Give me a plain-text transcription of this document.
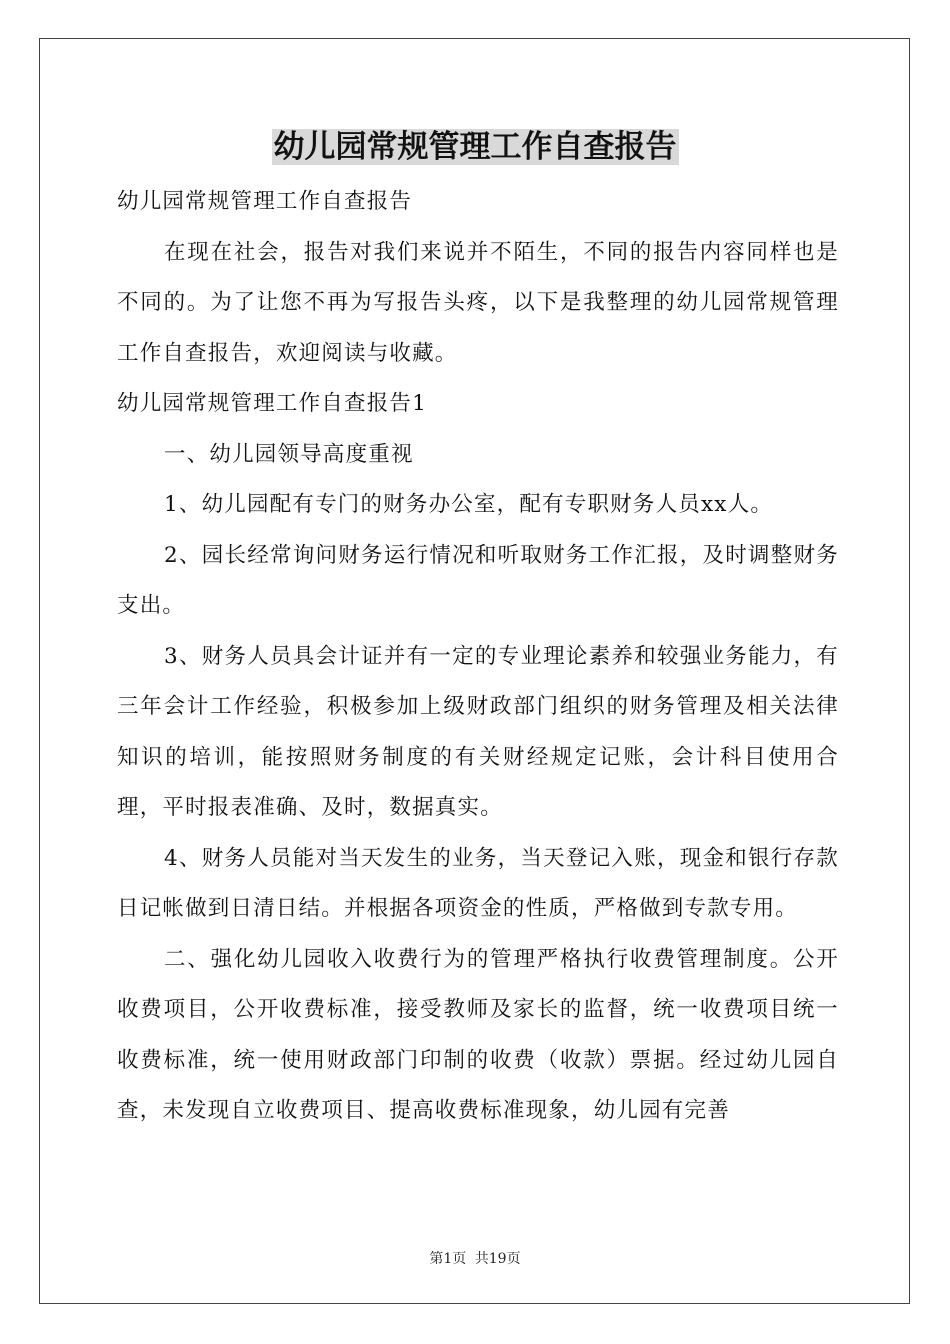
幼儿园常规管理工作自查报告

幼儿园常规管理工作自查报告

在现在社会，报告对我们来说并不陌生，不同的报告内容同样也是不同的。为了让您不再为写报告头疼，以下是我整理的幼儿园常规管理工作自查报告，欢迎阅读与收藏。

幼儿园常规管理工作自查报告1

一、幼儿园领导高度重视

1、幼儿园配有专门的财务办公室，配有专职财务人员xx人。

2、园长经常询问财务运行情况和听取财务工作汇报，及时调整财务支出。

3、财务人员具会计证并有一定的专业理论素养和较强业务能力，有三年会计工作经验，积极参加上级财政部门组织的财务管理及相关法律知识的培训，能按照财务制度的有关财经规定记账，会计科目使用合理，平时报表准确、及时，数据真实。

4、财务人员能对当天发生的业务，当天登记入账，现金和银行存款日记帐做到日清日结。并根据各项资金的性质，严格做到专款专用。

二、强化幼儿园收入收费行为的管理严格执行收费管理制度。公开收费项目，公开收费标准，接受教师及家长的监督，统一收费项目统一收费标准，统一使用财政部门印制的收费（收款）票据。经过幼儿园自查，未发现自立收费项目、提高收费标准现象，幼儿园有完善

第1页 共19页
